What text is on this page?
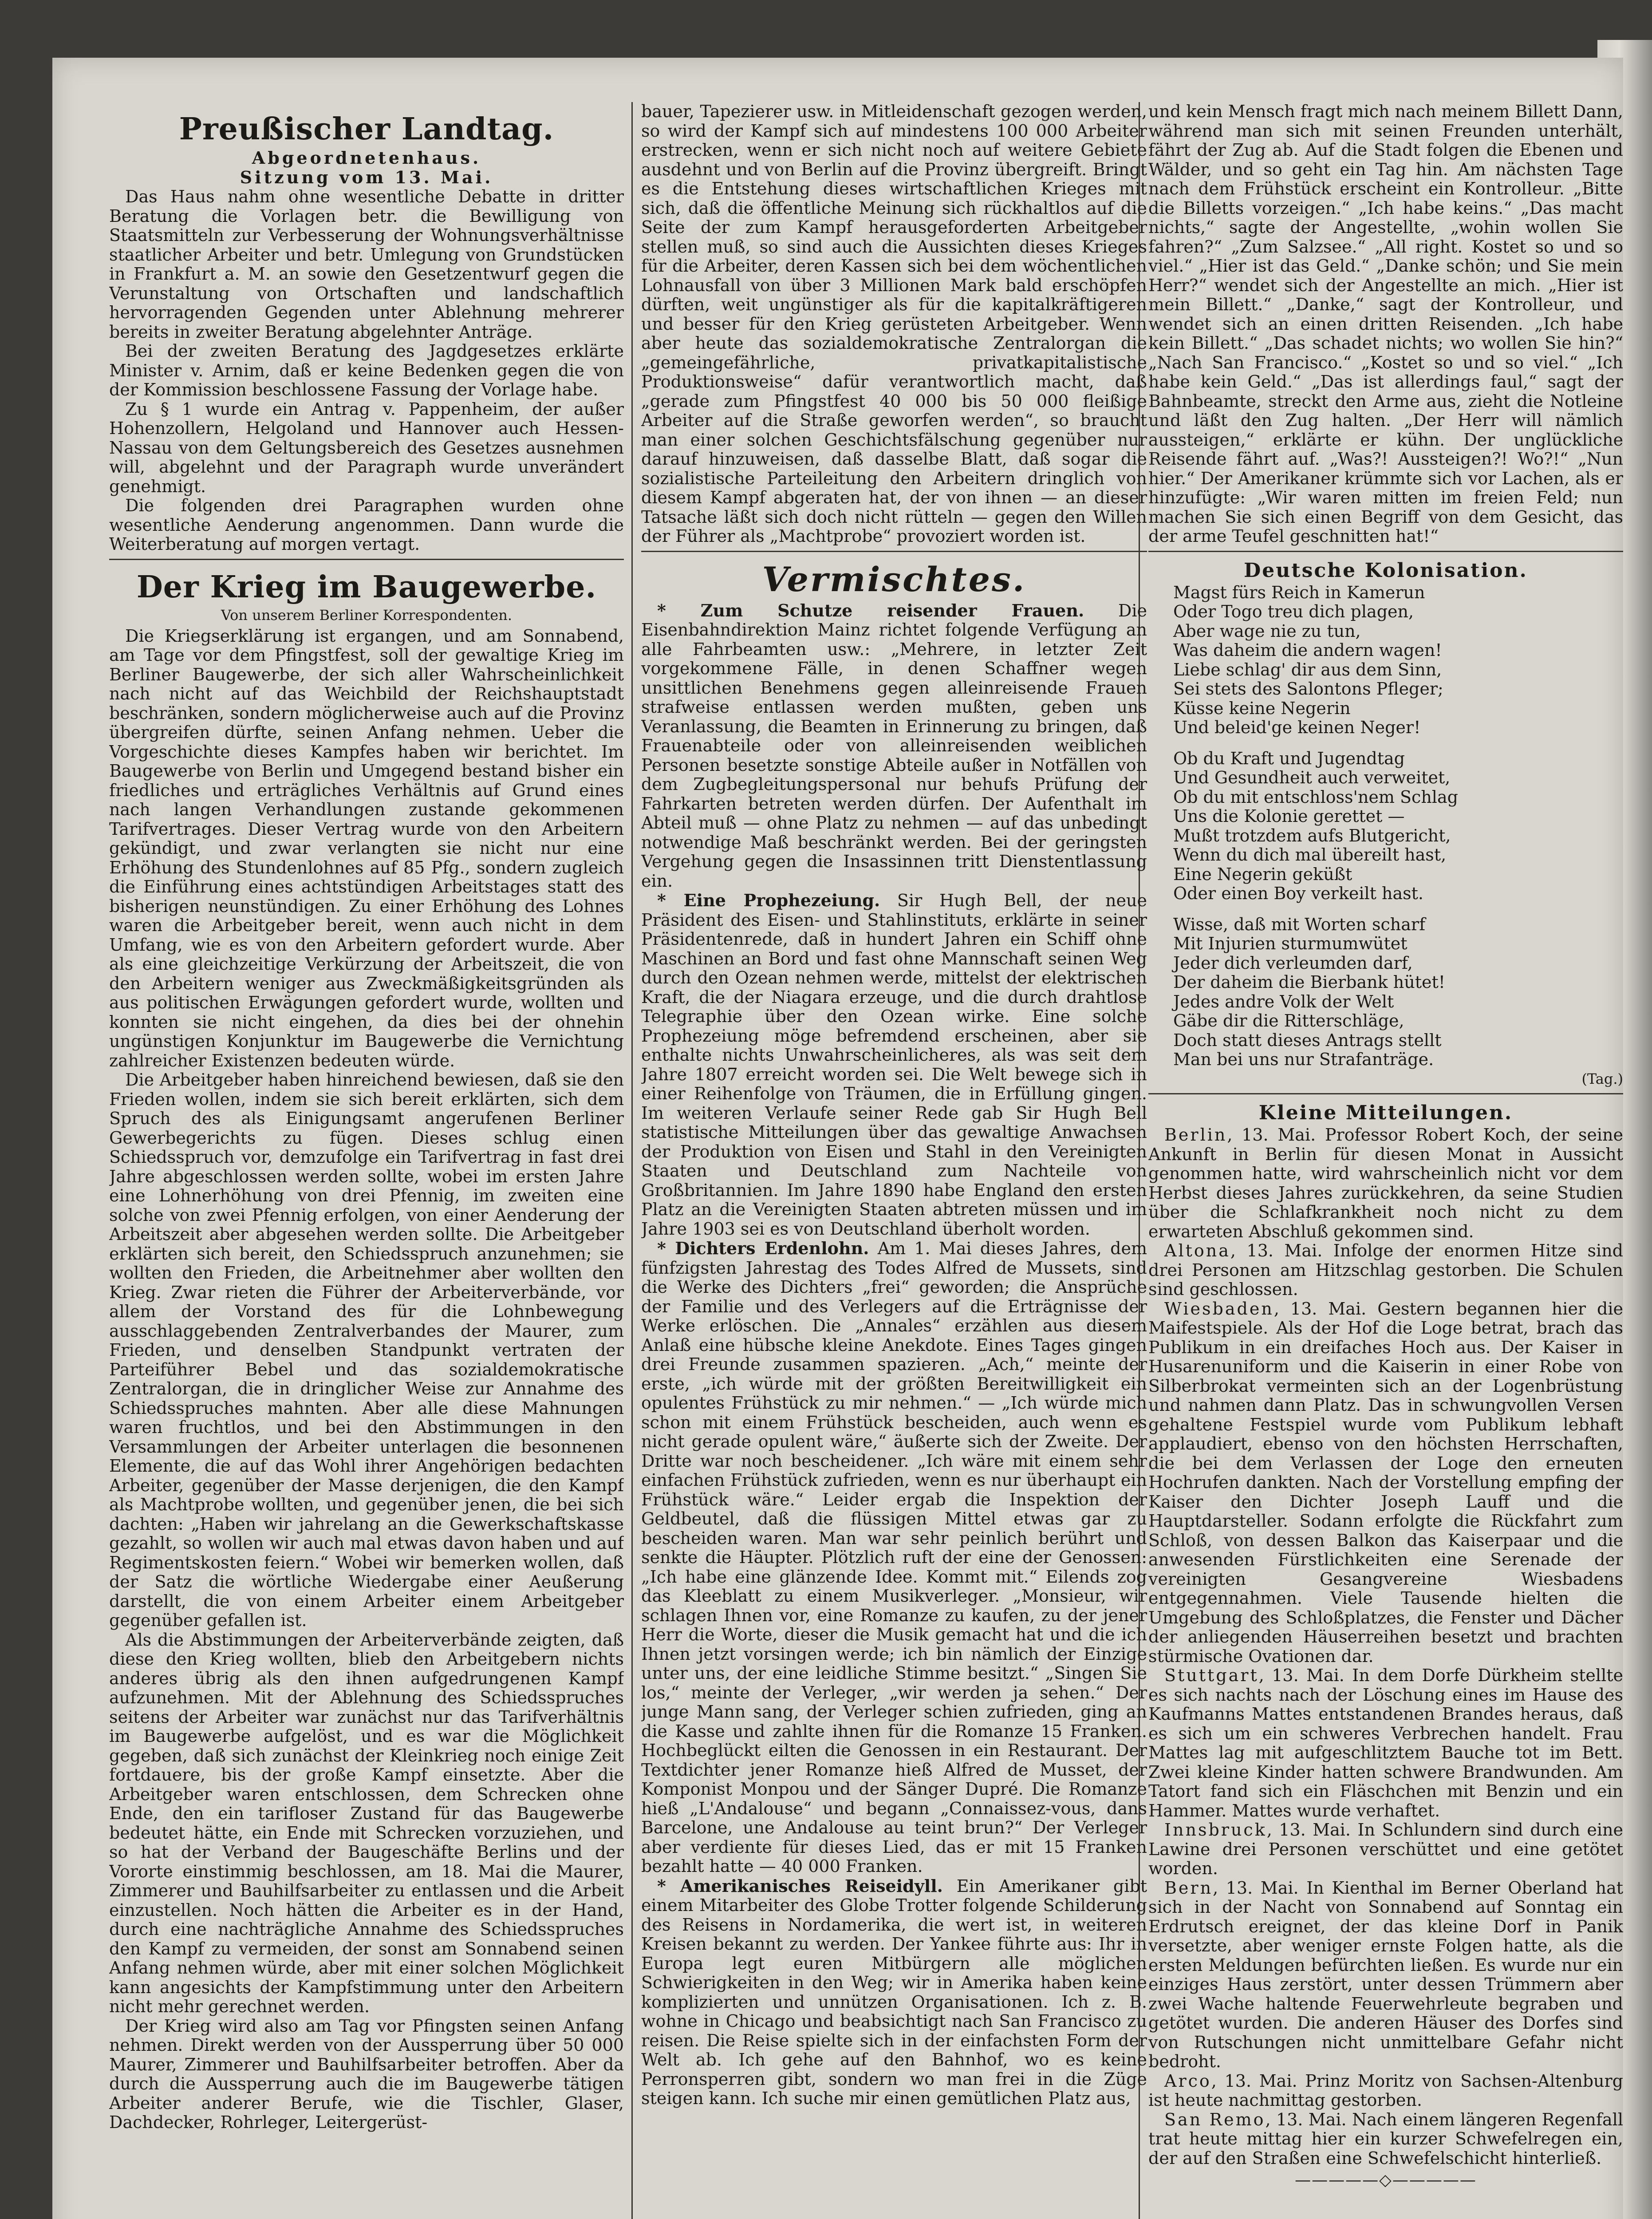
Preußischer Landtag.
Abgeordnetenhaus.
Sitzung vom 13. Mai.

Das Haus nahm ohne wesentliche Debatte in dritter Beratung die Vorlagen betr. die Bewilligung von Staatsmitteln zur Verbesserung der Wohnungsverhältnisse staatlicher Arbeiter und betr. Umlegung von Grundstücken in Frankfurt a. M. an sowie den Gesetzentwurf gegen die Verunstaltung von Ortschaften und landschaftlich hervorragenden Gegenden unter Ablehnung mehrerer bereits in zweiter Beratung abgelehnter Anträge.

Bei der zweiten Beratung des Jagdgesetzes erklärte Minister v. Arnim, daß er keine Bedenken gegen die von der Kommission beschlossene Fassung der Vorlage habe.

Zu § 1 wurde ein Antrag v. Pappenheim, der außer Hohenzollern, Helgoland und Hannover auch Hessen-Nassau von dem Geltungsbereich des Gesetzes ausnehmen will, abgelehnt und der Paragraph wurde unverändert genehmigt.

Die folgenden drei Paragraphen wurden ohne wesentliche Aenderung angenommen. Dann wurde die Weiterberatung auf morgen vertagt.

Der Krieg im Baugewerbe.
Von unserem Berliner Korrespondenten.

Die Kriegserklärung ist ergangen, und am Sonnabend, am Tage vor dem Pfingstfest, soll der gewaltige Krieg im Berliner Baugewerbe, der sich aller Wahrscheinlichkeit nach nicht auf das Weichbild der Reichshauptstadt beschränken, sondern möglicherweise auch auf die Provinz übergreifen dürfte, seinen Anfang nehmen. Ueber die Vorgeschichte dieses Kampfes haben wir berichtet. Im Baugewerbe von Berlin und Umgegend bestand bisher ein friedliches und erträgliches Verhältnis auf Grund eines nach langen Verhandlungen zustande gekommenen Tarifvertrages. Dieser Vertrag wurde von den Arbeitern gekündigt, und zwar verlangten sie nicht nur eine Erhöhung des Stundenlohnes auf 85 Pfg., sondern zugleich die Einführung eines achtstündigen Arbeitstages statt des bisherigen neunstündigen. Zu einer Erhöhung des Lohnes waren die Arbeitgeber bereit, wenn auch nicht in dem Umfang, wie es von den Arbeitern gefordert wurde. Aber als eine gleichzeitige Verkürzung der Arbeitszeit, die von den Arbeitern weniger aus Zweckmäßigkeitsgründen als aus politischen Erwägungen gefordert wurde, wollten und konnten sie nicht eingehen, da dies bei der ohnehin ungünstigen Konjunktur im Baugewerbe die Vernichtung zahlreicher Existenzen bedeuten würde.

Die Arbeitgeber haben hinreichend bewiesen, daß sie den Frieden wollen, indem sie sich bereit erklärten, sich dem Spruch des als Einigungsamt angerufenen Berliner Gewerbegerichts zu fügen. Dieses schlug einen Schiedsspruch vor, demzufolge ein Tarifvertrag in fast drei Jahre abgeschlossen werden sollte, wobei im ersten Jahre eine Lohnerhöhung von drei Pfennig, im zweiten eine solche von zwei Pfennig erfolgen, von einer Aenderung der Arbeitszeit aber abgesehen werden sollte. Die Arbeitgeber erklärten sich bereit, den Schiedsspruch anzunehmen; sie wollten den Frieden, die Arbeitnehmer aber wollten den Krieg. Zwar rieten die Führer der Arbeiterverbände, vor allem der Vorstand des für die Lohnbewegung ausschlaggebenden Zentralverbandes der Maurer, zum Frieden, und denselben Standpunkt vertraten der Parteiführer Bebel und das sozialdemokratische Zentralorgan, die in dringlicher Weise zur Annahme des Schiedsspruches mahnten. Aber alle diese Mahnungen waren fruchtlos, und bei den Abstimmungen in den Versammlungen der Arbeiter unterlagen die besonnenen Elemente, die auf das Wohl ihrer Angehörigen bedachten Arbeiter, gegenüber der Masse derjenigen, die den Kampf als Machtprobe wollten, und gegenüber jenen, die bei sich dachten: „Haben wir jahrelang an die Gewerkschaftskasse gezahlt, so wollen wir auch mal etwas davon haben und auf Regimentskosten feiern.“ Wobei wir bemerken wollen, daß der Satz die wörtliche Wiedergabe einer Aeußerung darstellt, die von einem Arbeiter einem Arbeitgeber gegenüber gefallen ist.

Als die Abstimmungen der Arbeiterverbände zeigten, daß diese den Krieg wollten, blieb den Arbeitgebern nichts anderes übrig als den ihnen aufgedrungenen Kampf aufzunehmen. Mit der Ablehnung des Schiedsspruches seitens der Arbeiter war zunächst nur das Tarifverhältnis im Baugewerbe aufgelöst, und es war die Möglichkeit gegeben, daß sich zunächst der Kleinkrieg noch einige Zeit fortdauere, bis der große Kampf einsetzte. Aber die Arbeitgeber waren entschlossen, dem Schrecken ohne Ende, den ein tarifloser Zustand für das Baugewerbe bedeutet hätte, ein Ende mit Schrecken vorzuziehen, und so hat der Verband der Baugeschäfte Berlins und der Vororte einstimmig beschlossen, am 18. Mai die Maurer, Zimmerer und Bauhilfsarbeiter zu entlassen und die Arbeit einzustellen. Noch hätten die Arbeiter es in der Hand, durch eine nachträgliche Annahme des Schiedsspruches den Kampf zu vermeiden, der sonst am Sonnabend seinen Anfang nehmen würde, aber mit einer solchen Möglichkeit kann angesichts der Kampfstimmung unter den Arbeitern nicht mehr gerechnet werden.

Der Krieg wird also am Tag vor Pfingsten seinen Anfang nehmen. Direkt werden von der Aussperrung über 50 000 Maurer, Zimmerer und Bauhilfsarbeiter betroffen. Aber da durch die Aussperrung auch die im Baugewerbe tätigen Arbeiter anderer Berufe, wie die Tischler, Glaser, Dachdecker, Rohrleger, Leitergerüst-

bauer, Tapezierer usw. in Mitleidenschaft gezogen werden, so wird der Kampf sich auf mindestens 100 000 Arbeiter erstrecken, wenn er sich nicht noch auf weitere Gebiete ausdehnt und von Berlin auf die Provinz übergreift. Bringt es die Entstehung dieses wirtschaftlichen Krieges mit sich, daß die öffentliche Meinung sich rückhaltlos auf die Seite der zum Kampf herausgeforderten Arbeitgeber stellen muß, so sind auch die Aussichten dieses Krieges für die Arbeiter, deren Kassen sich bei dem wöchentlichen Lohnausfall von über 3 Millionen Mark bald erschöpfen dürften, weit ungünstiger als für die kapitalkräftigeren und besser für den Krieg gerüsteten Arbeitgeber. Wenn aber heute das sozialdemokratische Zentralorgan die „gemeingefährliche, privatkapitalistische Produktionsweise“ dafür verantwortlich macht, daß „gerade zum Pfingstfest 40 000 bis 50 000 fleißige Arbeiter auf die Straße geworfen werden“, so braucht man einer solchen Geschichtsfälschung gegenüber nur darauf hinzuweisen, daß dasselbe Blatt, daß sogar die sozialistische Parteileitung den Arbeitern dringlich von diesem Kampf abgeraten hat, der von ihnen — an dieser Tatsache läßt sich doch nicht rütteln — gegen den Willen der Führer als „Machtprobe“ provoziert worden ist.

Vermischtes.

* Zum Schutze reisender Frauen. Die Eisenbahndirektion Mainz richtet folgende Verfügung an alle Fahrbeamten usw.: „Mehrere, in letzter Zeit vorgekommene Fälle, in denen Schaffner wegen unsittlichen Benehmens gegen alleinreisende Frauen strafweise entlassen werden mußten, geben uns Veranlassung, die Beamten in Erinnerung zu bringen, daß Frauenabteile oder von alleinreisenden weiblichen Personen besetzte sonstige Abteile außer in Notfällen von dem Zugbegleitungspersonal nur behufs Prüfung der Fahrkarten betreten werden dürfen. Der Aufenthalt im Abteil muß — ohne Platz zu nehmen — auf das unbedingt notwendige Maß beschränkt werden. Bei der geringsten Vergehung gegen die Insassinnen tritt Dienstentlassung ein.

* Eine Prophezeiung. Sir Hugh Bell, der neue Präsident des Eisen- und Stahlinstituts, erklärte in seiner Präsidentenrede, daß in hundert Jahren ein Schiff ohne Maschinen an Bord und fast ohne Mannschaft seinen Weg durch den Ozean nehmen werde, mittelst der elektrischen Kraft, die der Niagara erzeuge, und die durch drahtlose Telegraphie über den Ozean wirke. Eine solche Prophezeiung möge befremdend erscheinen, aber sie enthalte nichts Unwahrscheinlicheres, als was seit dem Jahre 1807 erreicht worden sei. Die Welt bewege sich in einer Reihenfolge von Träumen, die in Erfüllung gingen. Im weiteren Verlaufe seiner Rede gab Sir Hugh Bell statistische Mitteilungen über das gewaltige Anwachsen der Produktion von Eisen und Stahl in den Vereinigten Staaten und Deutschland zum Nachteile von Großbritannien. Im Jahre 1890 habe England den ersten Platz an die Vereinigten Staaten abtreten müssen und im Jahre 1903 sei es von Deutschland überholt worden.

* Dichters Erdenlohn. Am 1. Mai dieses Jahres, dem fünfzigsten Jahrestag des Todes Alfred de Mussets, sind die Werke des Dichters „frei“ geworden; die Ansprüche der Familie und des Verlegers auf die Erträgnisse der Werke erlöschen. Die „Annales“ erzählen aus diesem Anlaß eine hübsche kleine Anekdote. Eines Tages gingen drei Freunde zusammen spazieren. „Ach,“ meinte der erste, „ich würde mit der größten Bereitwilligkeit ein opulentes Frühstück zu mir nehmen.“ — „Ich würde mich schon mit einem Frühstück bescheiden, auch wenn es nicht gerade opulent wäre,“ äußerte sich der Zweite. Der Dritte war noch bescheidener. „Ich wäre mit einem sehr einfachen Frühstück zufrieden, wenn es nur überhaupt ein Frühstück wäre.“ Leider ergab die Inspektion der Geldbeutel, daß die flüssigen Mittel etwas gar zu bescheiden waren. Man war sehr peinlich berührt und senkte die Häupter. Plötzlich ruft der eine der Genossen: „Ich habe eine glänzende Idee. Kommt mit.“ Eilends zog das Kleeblatt zu einem Musikverleger. „Monsieur, wir schlagen Ihnen vor, eine Romanze zu kaufen, zu der jener Herr die Worte, dieser die Musik gemacht hat und die ich Ihnen jetzt vorsingen werde; ich bin nämlich der Einzige unter uns, der eine leidliche Stimme besitzt.“ „Singen Sie los,“ meinte der Verleger, „wir werden ja sehen.“ Der junge Mann sang, der Verleger schien zufrieden, ging an die Kasse und zahlte ihnen für die Romanze 15 Franken. Hochbeglückt eilten die Genossen in ein Restaurant. Der Textdichter jener Romanze hieß Alfred de Musset, der Komponist Monpou und der Sänger Dupré. Die Romanze hieß „L'Andalouse“ und begann „Connaissez-vous, dans Barcelone, une Andalouse au teint brun?“ Der Verleger aber verdiente für dieses Lied, das er mit 15 Franken bezahlt hatte — 40 000 Franken.

* Amerikanisches Reiseidyll. Ein Amerikaner gibt einem Mitarbeiter des Globe Trotter folgende Schilderung des Reisens in Nordamerika, die wert ist, in weiteren Kreisen bekannt zu werden. Der Yankee führte aus: Ihr in Europa legt euren Mitbürgern alle möglichen Schwierigkeiten in den Weg; wir in Amerika haben keine komplizierten und unnützen Organisationen. Ich z. B. wohne in Chicago und beabsichtigt nach San Francisco zu reisen. Die Reise spielte sich in der einfachsten Form der Welt ab. Ich gehe auf den Bahnhof, wo es keine Perronsperren gibt, sondern wo man frei in die Züge steigen kann. Ich suche mir einen gemütlichen Platz aus,

und kein Mensch fragt mich nach meinem Billett Dann, während man sich mit seinen Freunden unterhält, fährt der Zug ab. Auf die Stadt folgen die Ebenen und Wälder, und so geht ein Tag hin. Am nächsten Tage nach dem Frühstück erscheint ein Kontrolleur. „Bitte die Billetts vorzeigen.“ „Ich habe keins.“ „Das macht nichts,“ sagte der Angestellte, „wohin wollen Sie fahren?“ „Zum Salzsee.“ „All right. Kostet so und so viel.“ „Hier ist das Geld.“ „Danke schön; und Sie mein Herr?“ wendet sich der Angestellte an mich. „Hier ist mein Billett.“ „Danke,“ sagt der Kontrolleur, und wendet sich an einen dritten Reisenden. „Ich habe kein Billett.“ „Das schadet nichts; wo wollen Sie hin?“ „Nach San Francisco.“ „Kostet so und so viel.“ „Ich habe kein Geld.“ „Das ist allerdings faul,“ sagt der Bahnbeamte, streckt den Arme aus, zieht die Notleine und läßt den Zug halten. „Der Herr will nämlich aussteigen,“ erklärte er kühn. Der unglückliche Reisende fährt auf. „Was?! Aussteigen?! Wo?!“ „Nun hier.“ Der Amerikaner krümmte sich vor Lachen, als er hinzufügte: „Wir waren mitten im freien Feld; nun machen Sie sich einen Begriff von dem Gesicht, das der arme Teufel geschnitten hat!“

Deutsche Kolonisation.
Magst fürs Reich in Kamerun
Oder Togo treu dich plagen,
Aber wage nie zu tun,
Was daheim die andern wagen!
Liebe schlag' dir aus dem Sinn,
Sei stets des Salontons Pfleger;
Küsse keine Negerin
Und beleid'ge keinen Neger!
Ob du Kraft und Jugendtag
Und Gesundheit auch verweitet,
Ob du mit entschloss'nem Schlag
Uns die Kolonie gerettet —
Mußt trotzdem aufs Blutgericht,
Wenn du dich mal übereilt hast,
Eine Negerin geküßt
Oder einen Boy verkeilt hast.
Wisse, daß mit Worten scharf
Mit Injurien sturmumwütet
Jeder dich verleumden darf,
Der daheim die Bierbank hütet!
Jedes andre Volk der Welt
Gäbe dir die Ritterschläge,
Doch statt dieses Antrags stellt
Man bei uns nur Strafanträge.
(Tag.)
Kleine Mitteilungen.

Berlin, 13. Mai. Professor Robert Koch, der seine Ankunft in Berlin für diesen Monat in Aussicht genommen hatte, wird wahrscheinlich nicht vor dem Herbst dieses Jahres zurückkehren, da seine Studien über die Schlafkrankheit noch nicht zu dem erwarteten Abschluß gekommen sind.

Altona, 13. Mai. Infolge der enormen Hitze sind drei Personen am Hitzschlag gestorben. Die Schulen sind geschlossen.

Wiesbaden, 13. Mai. Gestern begannen hier die Maifestspiele. Als der Hof die Loge betrat, brach das Publikum in ein dreifaches Hoch aus. Der Kaiser in Husarenuniform und die Kaiserin in einer Robe von Silberbrokat vermeinten sich an der Logenbrüstung und nahmen dann Platz. Das in schwungvollen Versen gehaltene Festspiel wurde vom Publikum lebhaft applaudiert, ebenso von den höchsten Herrschaften, die bei dem Verlassen der Loge den erneuten Hochrufen dankten. Nach der Vorstellung empfing der Kaiser den Dichter Joseph Lauff und die Hauptdarsteller. Sodann erfolgte die Rückfahrt zum Schloß, von dessen Balkon das Kaiserpaar und die anwesenden Fürstlichkeiten eine Serenade der vereinigten Gesangvereine Wiesbadens entgegennahmen. Viele Tausende hielten die Umgebung des Schloßplatzes, die Fenster und Dächer der anliegenden Häuserreihen besetzt und brachten stürmische Ovationen dar.

Stuttgart, 13. Mai. In dem Dorfe Dürkheim stellte es sich nachts nach der Löschung eines im Hause des Kaufmanns Mattes entstandenen Brandes heraus, daß es sich um ein schweres Verbrechen handelt. Frau Mattes lag mit aufgeschlitztem Bauche tot im Bett. Zwei kleine Kinder hatten schwere Brandwunden. Am Tatort fand sich ein Fläschchen mit Benzin und ein Hammer. Mattes wurde verhaftet.

Innsbruck, 13. Mai. In Schlundern sind durch eine Lawine drei Personen verschüttet und eine getötet worden.

Bern, 13. Mai. In Kienthal im Berner Oberland hat sich in der Nacht von Sonnabend auf Sonntag ein Erdrutsch ereignet, der das kleine Dorf in Panik versetzte, aber weniger ernste Folgen hatte, als die ersten Meldungen befürchten ließen. Es wurde nur ein einziges Haus zerstört, unter dessen Trümmern aber zwei Wache haltende Feuerwehrleute begraben und getötet wurden. Die anderen Häuser des Dorfes sind von Rutschungen nicht unmittelbare Gefahr nicht bedroht.

Arco, 13. Mai. Prinz Moritz von Sachsen-Altenburg ist heute nachmittag gestorben.

San Remo, 13. Mai. Nach einem längeren Regenfall trat heute mittag hier ein kurzer Schwefelregen ein, der auf den Straßen eine Schwefelschicht hinterließ.

—————◇—————
